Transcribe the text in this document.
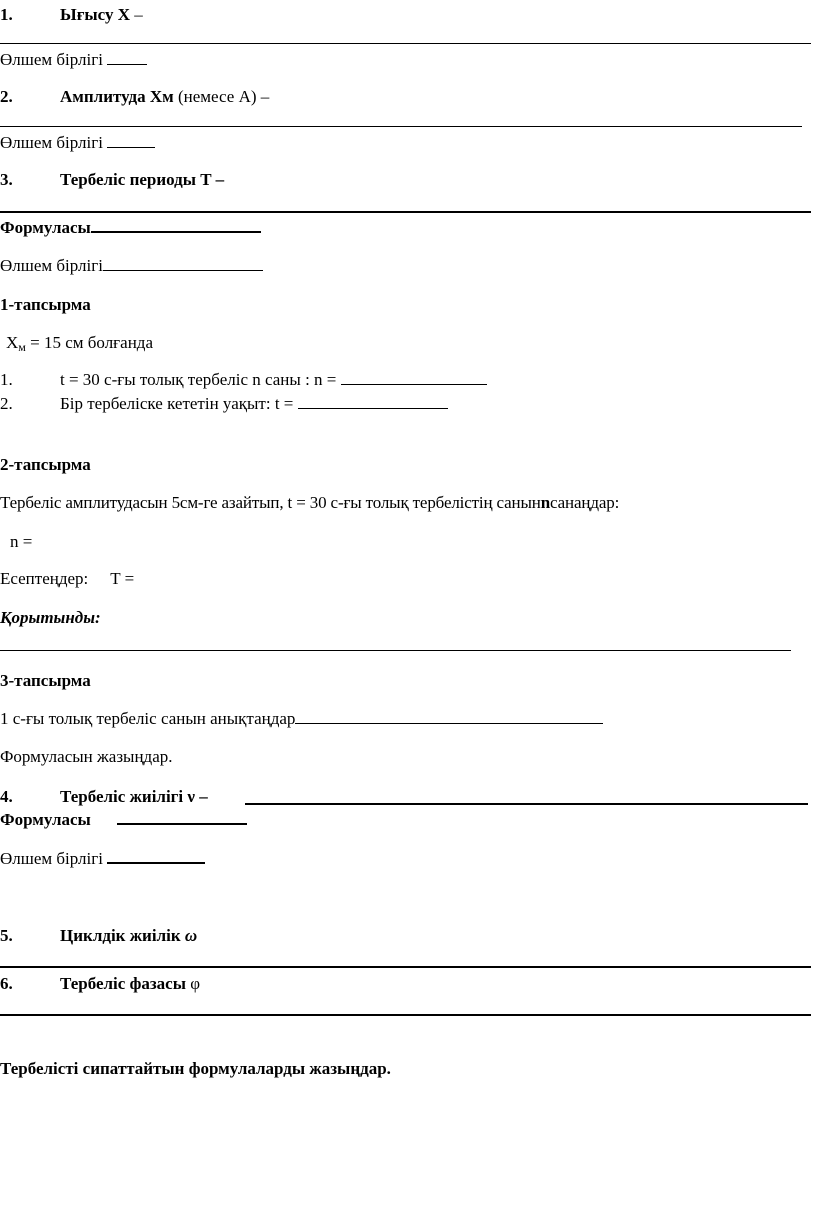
1.	Ығысу X –
Өлшем бірлігі
2.	Амплитуда Xм (немесе A) –
Өлшем бірлігі
3.	Тербеліс периоды T –
Формуласы
Өлшем бірлігі
1-тапсырма
$X_м = 15$ см болғанда
1.	t = 30 с-ғы толық тербеліс n саны : n =
2.	Бір тербеліске кететін уақыт: t =
2-тапсырма
Тербеліс амплитудасын 5см-ге азайтып, t = 30 с-ғы толық тербелістің санынnсанаңдар:
n =
Есептеңдер: T =
Қорытынды:
3-тапсырма
1 с-ғы толық тербеліс санын анықтаңдар
Формуласын жазыңдар.
4.	Тербеліс жиілігі ν –
Формуласы
Өлшем бірлігі
5.	Циклдік жиілік ω
6.	Тербеліс фазасы φ
Тербелісті сипаттайтын формулаларды жазыңдар.
